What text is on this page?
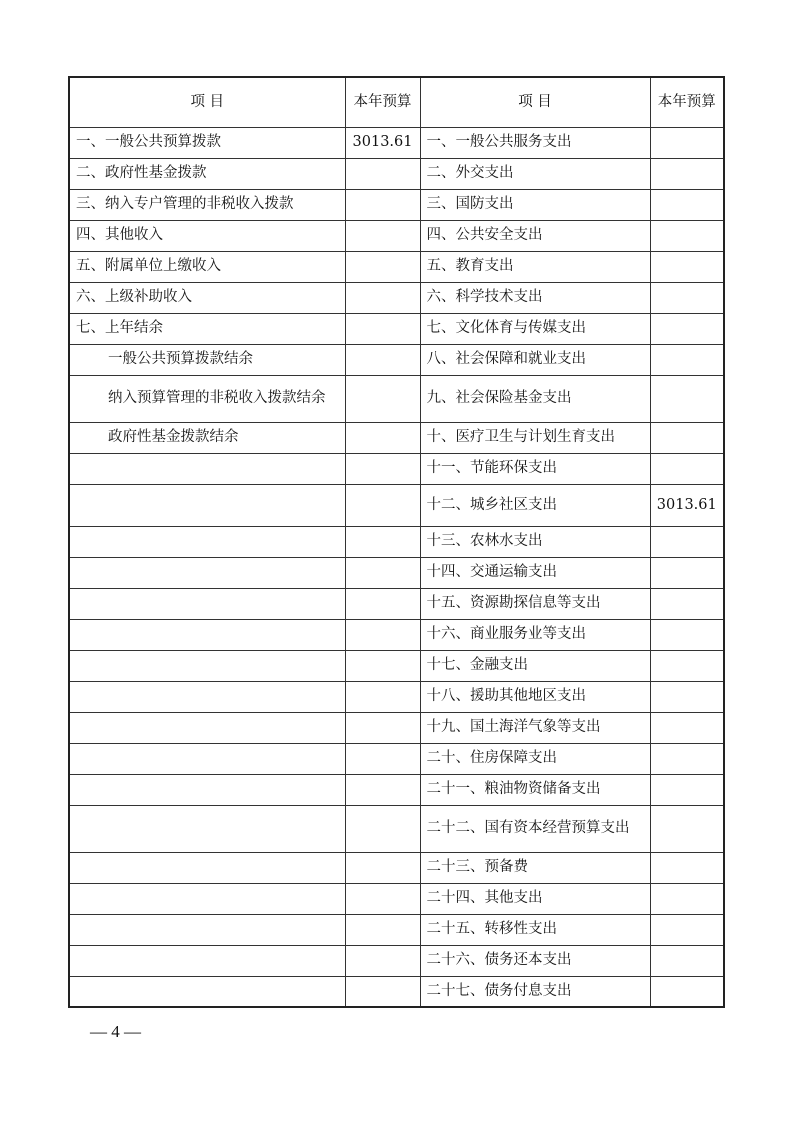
项 目	本年预算	项 目	本年预算
一、一般公共预算拨款	3013.61	一、一般公共服务支出	
二、政府性基金拨款		二、外交支出	
三、纳入专户管理的非税收入拨款		三、国防支出	
四、其他收入		四、公共安全支出	
五、附属单位上缴收入		五、教育支出	
六、上级补助收入		六、科学技术支出	
七、上年结余		七、文化体育与传媒支出	
一般公共预算拨款结余		八、社会保障和就业支出	
纳入预算管理的非税收入拨款结余		九、社会保险基金支出	
政府性基金拨款结余		十、医疗卫生与计划生育支出	
		十一、节能环保支出	
		十二、城乡社区支出	3013.61
		十三、农林水支出	
		十四、交通运输支出	
		十五、资源勘探信息等支出	
		十六、商业服务业等支出	
		十七、金融支出	
		十八、援助其他地区支出	
		十九、国土海洋气象等支出	
		二十、住房保障支出	
		二十一、粮油物资储备支出	
		二十二、国有资本经营预算支出	
		二十三、预备费	
		二十四、其他支出	
		二十五、转移性支出	
		二十六、债务还本支出	
		二十七、债务付息支出	
— 4 —
